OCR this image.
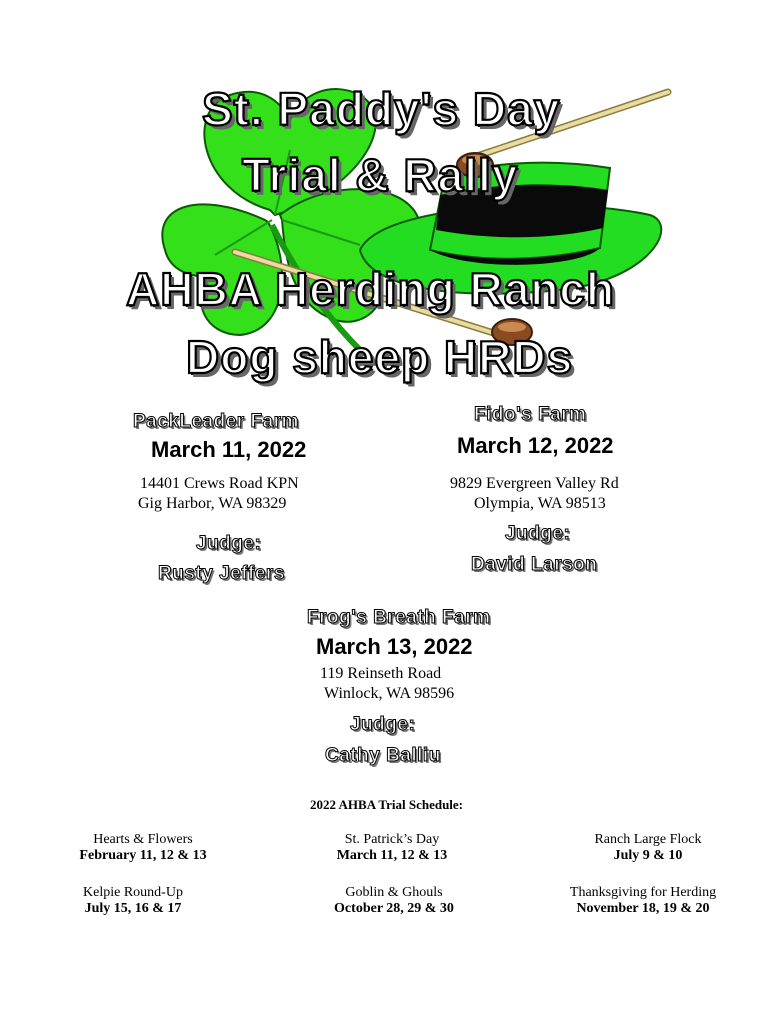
St. Paddy's Day
Trial & Rally
AHBA Herding Ranch
Dog sheep HRDs
PackLeader Farm
March 11, 2022
14401 Crews Road KPN
Gig Harbor, WA 98329
Judge:
Rusty Jeffers
Fido's Farm
March 12, 2022
9829 Evergreen Valley Rd
Olympia, WA 98513
Judge:
David Larson
Frog's Breath Farm
March 13, 2022
119 Reinseth Road
Winlock, WA 98596
Judge:
Cathy Balliu
2022 AHBA Trial Schedule:
Hearts & Flowers
February 11, 12 & 13
St. Patrick’s Day
March 11, 12 & 13
Ranch Large Flock
July 9 & 10
Kelpie Round-Up
July 15, 16 & 17
Goblin & Ghouls
October 28, 29 & 30
Thanksgiving for Herding
November 18, 19 & 20
